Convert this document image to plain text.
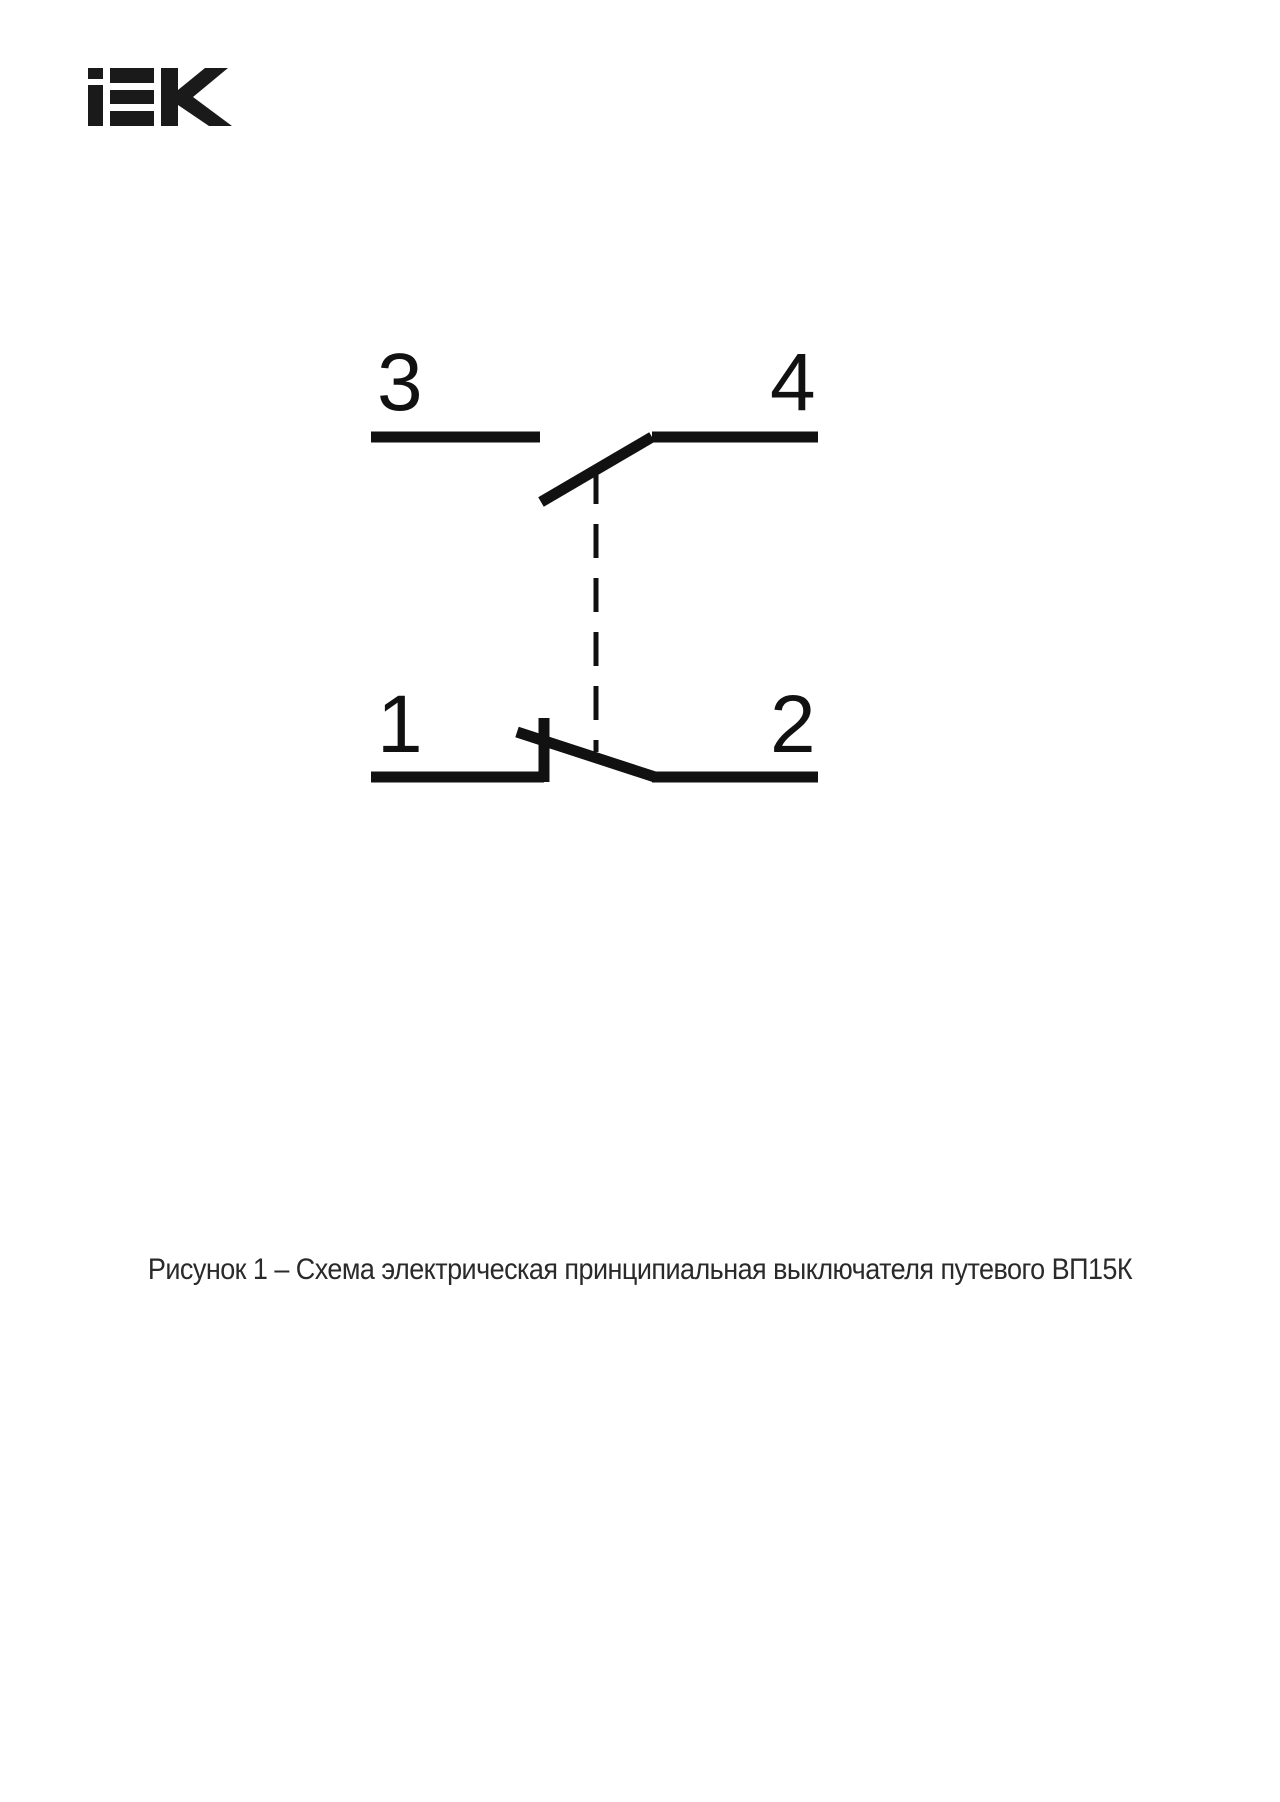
3	4
1	2
Рисунок 1 – Схема электрическая принципиальная выключателя путевого ВП15К
